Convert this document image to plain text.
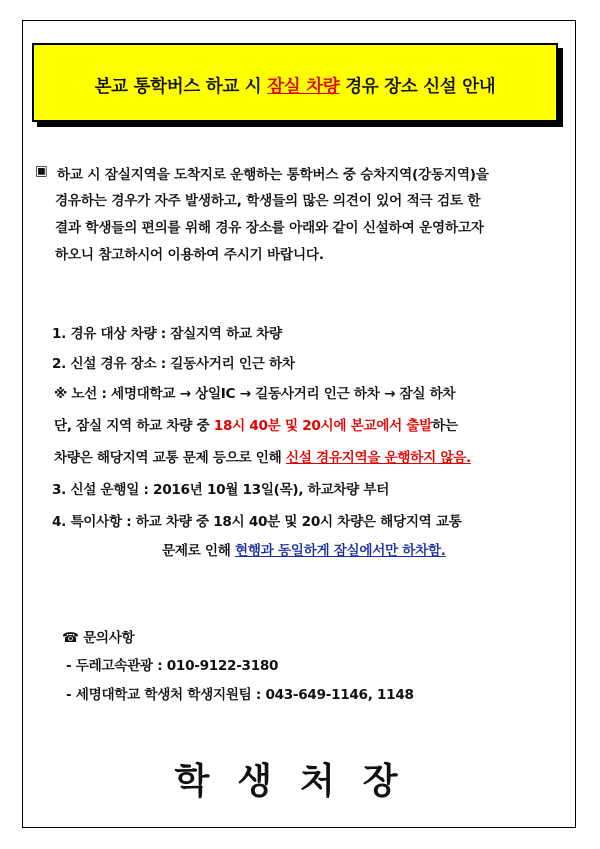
본교 통학버스 하교 시 잠실 차량 경유 장소 신설 안내
▣ 하교 시 잠실지역을 도착지로 운행하는 통학버스 중 승차지역(강동지역)을
경유하는 경우가 자주 발생하고, 학생들의 많은 의견이 있어 적극 검토 한
결과 학생들의 편의를 위해 경유 장소를 아래와 같이 신설하여 운영하고자
하오니 참고하시어 이용하여 주시기 바랍니다.
1. 경유 대상 차량 : 잠실지역 하교 차량
2. 신설 경유 장소 : 길동사거리 인근 하차
※ 노선 : 세명대학교 → 상일IC → 길동사거리 인근 하차 → 잠실 하차
단, 잠실 지역 하교 차량 중 18시 40분 및 20시에 본교에서 출발하는
차량은 해당지역 교통 문제 등으로 인해 신설 경유지역을 운행하지 않음.
3. 신설 운행일 : 2016년 10월 13일(목), 하교차량 부터
4. 특이사항 : 하교 차량 중 18시 40분 및 20시 차량은 해당지역 교통
문제로 인해 현행과 동일하게 잠실에서만 하차함.
☎ 문의사항
- 두레고속관광 : 010-9122-3180
- 세명대학교 학생처 학생지원팀 : 043-649-1146, 1148
학생처장
